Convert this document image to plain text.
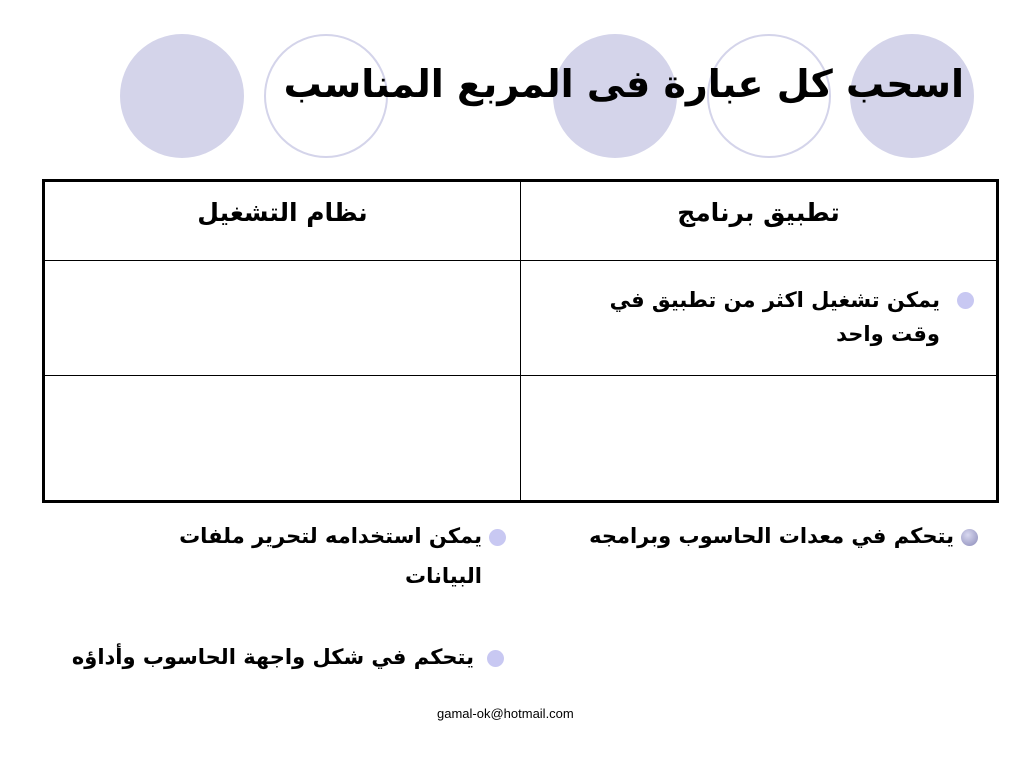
اسحب كل عبارة فى المربع المناسب
تطبيق برنامج	نظام التشغيل

يمكن تشغيل اكثر من تطبيق في وقت واحد	

يتحكم في معدات الحاسوب وبرامجه
يمكن استخدامه لتحرير ملفات البيانات
يتحكم في شكل واجهة الحاسوب وأداؤه
gamal-ok@hotmail.com
